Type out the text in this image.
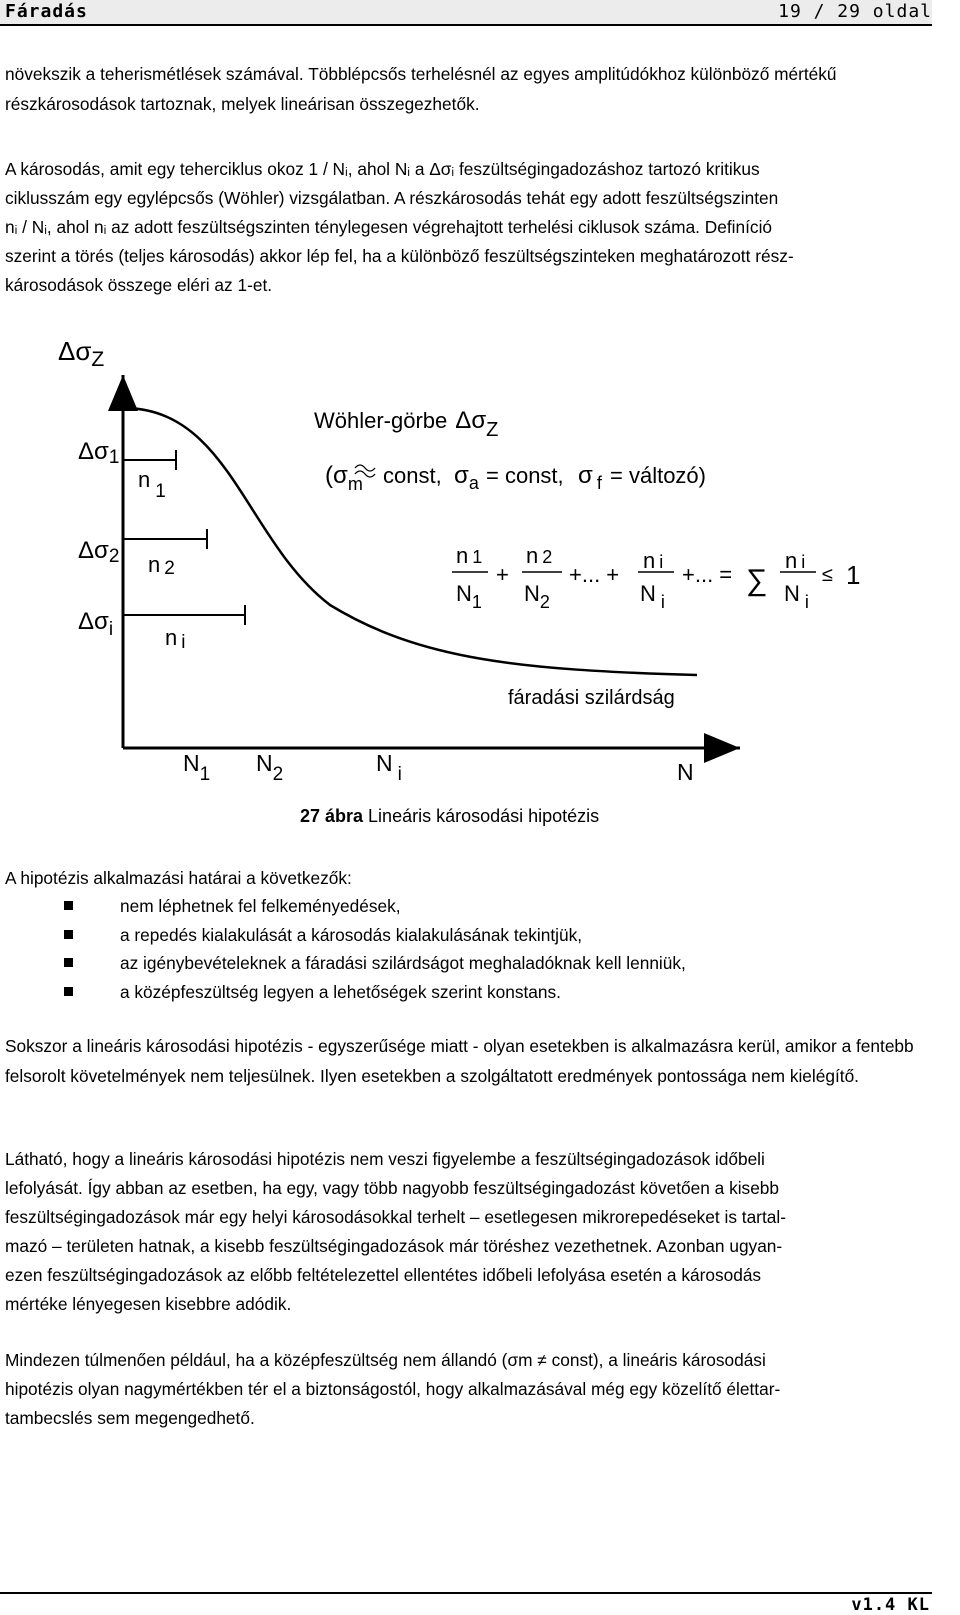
Fáradás	19 / 29 oldal

növekszik a teherismétlések számával. Többlépcsős terhelésnél az egyes amplitúdókhoz különböző mértékű részkárosodások tartoznak, melyek lineárisan összegezhetők.

A károsodás, amit egy teherciklus okoz 1 / Nᵢ, ahol Nᵢ a Δσᵢ feszültségingadozáshoz tartozó kritikus
ciklusszám egy egylépcsős (Wöhler) vizsgálatban. A részkárosodás tehát egy adott feszültségszinten
nᵢ / Nᵢ, ahol nᵢ az adott feszültségszinten ténylegesen végrehajtott terhelési ciklusok száma. Definíció
szerint a törés (teljes károsodás) akkor lép fel, ha a különböző feszültségszinteken meghatározott rész-
károsodások összege eléri az 1-et.
$\Delta\sigma_Z$
Δσ1
Δσ2
$\Delta\sigma_i$
n 1
n 2
n i
Wöhler-görbe ΔσZ
($\sigma_m$ const, $\sigma_a$ = const, σ $_f$ = változó)
n 1
$N_1$
+
n 2
$N_2$
+... +
n i
N $_i$
+... = ∑
n i
N $_i$
≤ 1
fáradási szilárdság
$N_1$ $N_2$	N $_i$	N
27 ábra Lineáris károsodási hipotézis

A hipotézis alkalmazási határai a következők:

nem léphetnek fel felkeményedések,
a repedés kialakulását a károsodás kialakulásának tekintjük,
az igénybevételeknek a fáradási szilárdságot meghaladóknak kell lenniük,
a középfeszültség legyen a lehetőségek szerint konstans.

Sokszor a lineáris károsodási hipotézis - egyszerűsége miatt - olyan esetekben is alkalmazásra kerül, amikor a fentebb felsorolt követelmények nem teljesülnek. Ilyen esetekben a szolgáltatott eredmények pontossága nem kielégítő.

Látható, hogy a lineáris károsodási hipotézis nem veszi figyelembe a feszültségingadozások időbeli
lefolyását. Így abban az esetben, ha egy, vagy több nagyobb feszültségingadozást követően a kisebb
feszültségingadozások már egy helyi károsodásokkal terhelt – esetlegesen mikrorepedéseket is tartal-
mazó – területen hatnak, a kisebb feszültségingadozások már töréshez vezethetnek. Azonban ugyan-
ezen feszültségingadozások az előbb feltételezettel ellentétes időbeli lefolyása esetén a károsodás
mértéke lényegesen kisebbre adódik.
Mindezen túlmenően például, ha a középfeszültség nem állandó (σm ≠ const), a lineáris károsodási
hipotézis olyan nagymértékben tér el a biztonságostól, hogy alkalmazásával még egy közelítő élettar-
tambecslés sem megengedhető.
v1.4 KL
